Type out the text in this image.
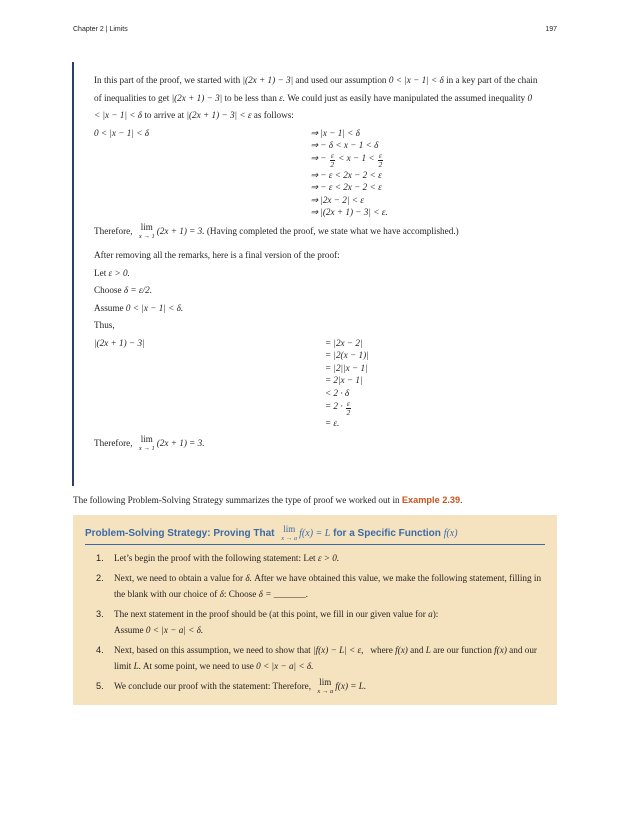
Chapter 2 | Limits	197

In this part of the proof, we started with |(2x + 1) − 3| and used our assumption 0 < |x − 1| < δ in a key part of the chain of inequalities to get |(2x + 1) − 3| to be less than ε. We could just as easily have manipulated the assumed inequality 0 < |x − 1| < δ to arrive at |(2x + 1) − 3| < ε as follows:

0 < |x − 1| < δ	⇒ |x − 1| < δ
⇒ − δ < x − 1 < δ
⇒ − $\frac{\varepsilon}{2} < x - 1 < \frac{\varepsilon}{2}$
⇒ − ε < 2x − 2 < ε
⇒ − ε < 2x − 2 < ε
⇒ |2x − 2| < ε
⇒ |(2x + 1) − 3| < ε.

Therefore, lim
x → 1
(2x + 1) = 3. (Having completed the proof, we state what we have accomplished.)

After removing all the remarks, here is a final version of the proof:

Let ε > 0.

Choose δ = ε/2.

Assume 0 < |x − 1| < δ.

Thus,

|(2x + 1) − 3|	= |2x − 2|
= |2(x − 1)|
= |2||x − 1|
= 2|x − 1|
< 2 · δ
= $2 \cdot \frac{\varepsilon}{2}$
= ε.

Therefore, lim
x → 1
(2x + 1) = 3.

The following Problem-Solving Strategy summarizes the type of proof we worked out in Example 2.39.
Problem-Solving Strategy: Proving That lim
x → a f(x) = L for a Specific Function f(x)
1.	Let’s begin the proof with the following statement: Let ε > 0.
2.	Next, we need to obtain a value for δ. After we have obtained this value, we make the following statement, filling in the blank with our choice of δ: Choose δ = _______.
3.	The next statement in the proof should be (at this point, we fill in our given value for a):
Assume 0 < |x − a| < δ.
4.	Next, based on this assumption, we need to show that |f(x) − L| < ε, where f(x) and L are our function f(x) and our limit L. At some point, we need to use 0 < |x − a| < δ.
5.	We conclude our proof with the statement: Therefore, lim
x → a
f(x) = L.
